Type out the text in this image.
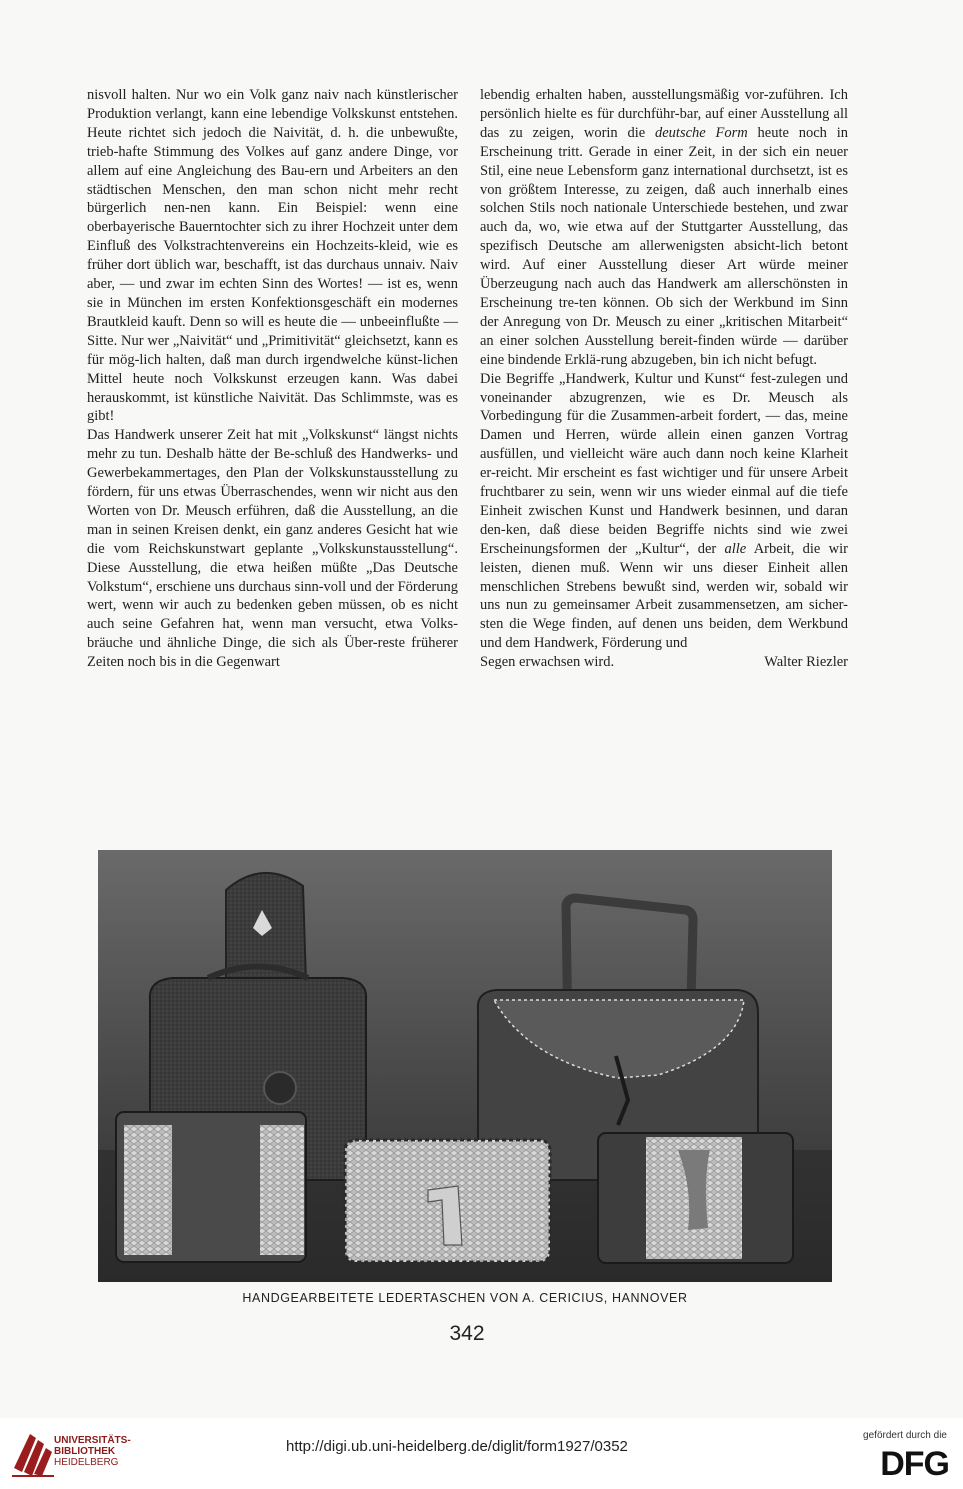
nisvoll halten. Nur wo ein Volk ganz naiv nach künstlerischer Produktion verlangt, kann eine lebendige Volkskunst entstehen. Heute richtet sich jedoch die Naivität, d. h. die unbewußte, trieb-hafte Stimmung des Volkes auf ganz andere Dinge, vor allem auf eine Angleichung des Bau-ern und Arbeiters an den städtischen Menschen, den man schon nicht mehr recht bürgerlich nen-nen kann. Ein Beispiel: wenn eine oberbayerische Bauerntochter sich zu ihrer Hochzeit unter dem Einfluß des Volkstrachtenvereins ein Hochzeits-kleid, wie es früher dort üblich war, beschafft, ist das durchaus unnaiv. Naiv aber, — und zwar im echten Sinn des Wortes! — ist es, wenn sie in München im ersten Konfektionsgeschäft ein modernes Brautkleid kauft. Denn so will es heute die — unbeeinflußte — Sitte. Nur wer „Naivität“ und „Primitivität“ gleichsetzt, kann es für mög-lich halten, daß man durch irgendwelche künst-lichen Mittel heute noch Volkskunst erzeugen kann. Was dabei herauskommt, ist künstliche Naivität. Das Schlimmste, was es gibt!

Das Handwerk unserer Zeit hat mit „Volkskunst“ längst nichts mehr zu tun. Deshalb hätte der Be-schluß des Handwerks- und Gewerbekammertages, den Plan der Volkskunstausstellung zu fördern, für uns etwas Überraschendes, wenn wir nicht aus den Worten von Dr. Meusch erführen, daß die Ausstellung, an die man in seinen Kreisen denkt, ein ganz anderes Gesicht hat wie die vom Reichskunstwart geplante „Volkskunstausstellung“. Diese Ausstellung, die etwa heißen müßte „Das Deutsche Volkstum“, erschiene uns durchaus sinn-voll und der Förderung wert, wenn wir auch zu bedenken geben müssen, ob es nicht auch seine Gefahren hat, wenn man versucht, etwa Volks-bräuche und ähnliche Dinge, die sich als Über-reste früherer Zeiten noch bis in die Gegenwart

lebendig erhalten haben, ausstellungsmäßig vor-zuführen. Ich persönlich hielte es für durchführ-bar, auf einer Ausstellung all das zu zeigen, worin die deutsche Form heute noch in Erscheinung tritt. Gerade in einer Zeit, in der sich ein neuer Stil, eine neue Lebensform ganz international durchsetzt, ist es von größtem Interesse, zu zeigen, daß auch innerhalb eines solchen Stils noch nationale Unterschiede bestehen, und zwar auch da, wo, wie etwa auf der Stuttgarter Ausstellung, das spezifisch Deutsche am allerwenigsten absicht-lich betont wird. Auf einer Ausstellung dieser Art würde meiner Überzeugung nach auch das Handwerk am allerschönsten in Erscheinung tre-ten können. Ob sich der Werkbund im Sinn der Anregung von Dr. Meusch zu einer „kritischen Mitarbeit“ an einer solchen Ausstellung bereit-finden würde — darüber eine bindende Erklä-rung abzugeben, bin ich nicht befugt.

Die Begriffe „Handwerk, Kultur und Kunst“ fest-zulegen und voneinander abzugrenzen, wie es Dr. Meusch als Vorbedingung für die Zusammen-arbeit fordert, — das, meine Damen und Herren, würde allein einen ganzen Vortrag ausfüllen, und vielleicht wäre auch dann noch keine Klarheit er-reicht. Mir erscheint es fast wichtiger und für unsere Arbeit fruchtbarer zu sein, wenn wir uns wieder einmal auf die tiefe Einheit zwischen Kunst und Handwerk besinnen, und daran den-ken, daß diese beiden Begriffe nichts sind wie zwei Erscheinungsformen der „Kultur“, der alle Arbeit, die wir leisten, dienen muß. Wenn wir uns dieser Einheit allen menschlichen Strebens bewußt sind, werden wir, sobald wir uns nun zu gemeinsamer Arbeit zusammensetzen, am sicher-sten die Wege finden, auf denen uns beiden, dem Werkbund und dem Handwerk, Förderung und

Segen erwachsen wird.	Walter Riezler
HANDGEARBEITETE LEDERTASCHEN VON A. CERICIUS, HANNOVER
342
UNIVERSITÄTS-
BIBLIOTHEK
HEIDELBERG
http://digi.ub.uni-heidelberg.de/diglit/form1927/0352
gefördert durch die
DFG
